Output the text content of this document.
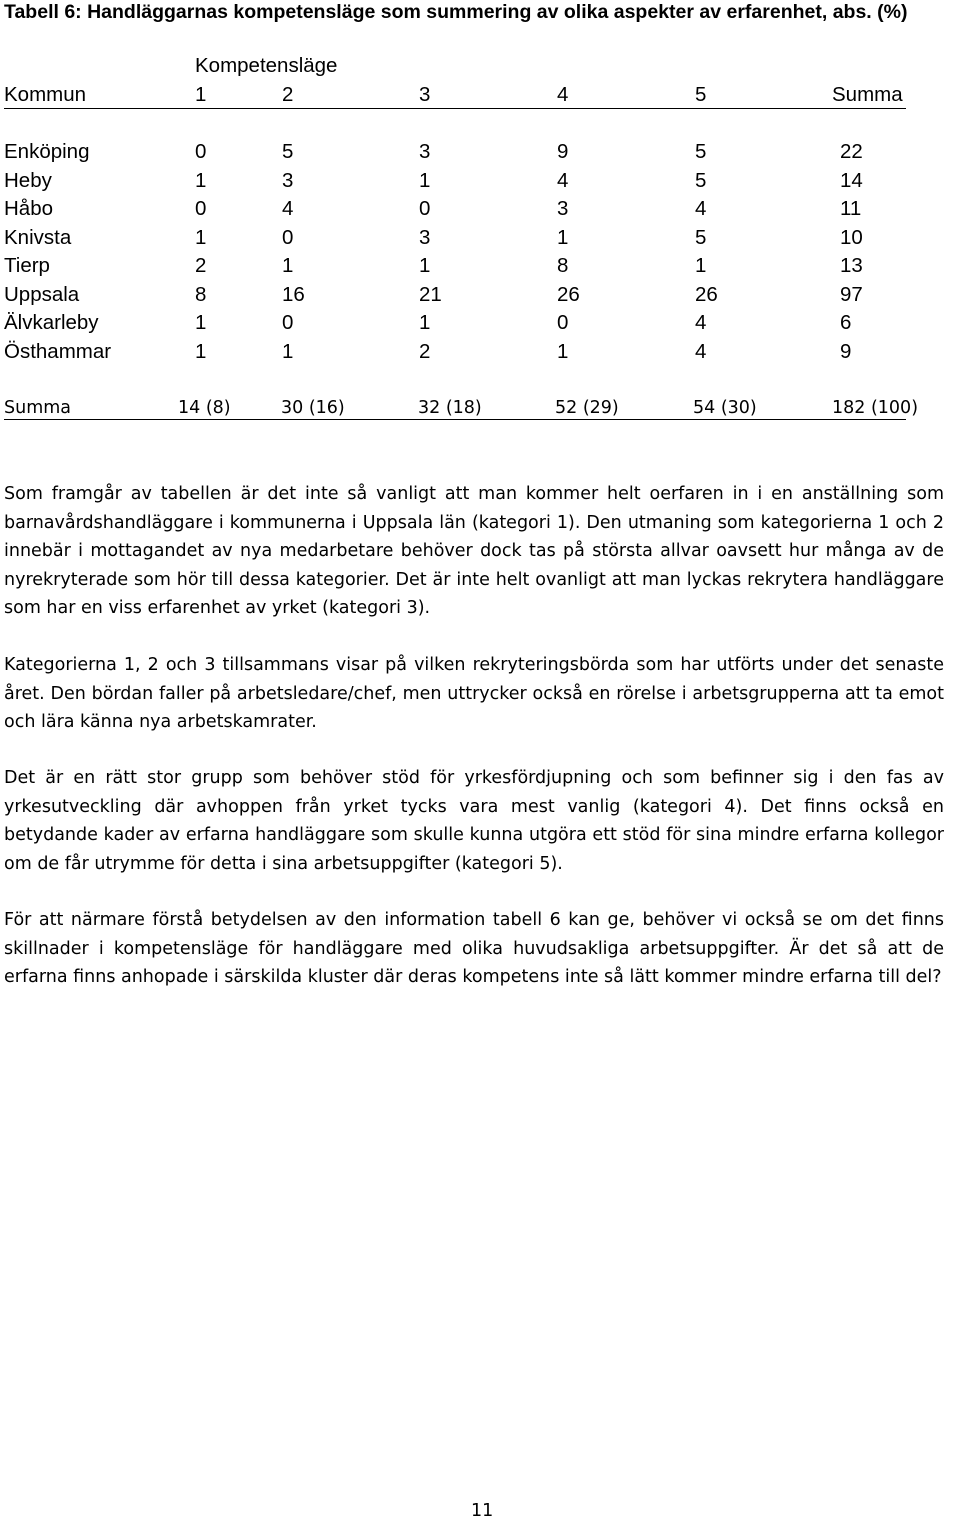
Tabell 6: Handläggarnas kompetensläge som summering av olika aspekter av erfarenhet, abs. (%)
Kompetensläge
Kommun	1	2	3	4	5	Summa
Enköping	0	5	3	9	5	22
Heby	1	3	1	4	5	14
Håbo	0	4	0	3	4	11
Knivsta	1	0	3	1	5	10
Tierp	2	1	1	8	1	13
Uppsala	8	16	21	26	26	97
Älvkarleby	1	0	1	0	4	6
Östhammar	1	1	2	1	4	9
Summa	14 (8)	30 (16)	32 (18)	52 (29)	54 (30)	182 (100)

Som framgår av tabellen är det inte så vanligt att man kommer helt oerfaren in i en anställning som barnavårdshandläggare i kommunerna i Uppsala län (kategori 1). Den utmaning som kategorierna 1 och 2 innebär i mottagandet av nya medarbetare behöver dock tas på största allvar oavsett hur många av de nyrekryterade som hör till dessa kategorier. Det är inte helt ovanligt att man lyckas rekrytera handläggare som har en viss erfarenhet av yrket (kategori 3).

Kategorierna 1, 2 och 3 tillsammans visar på vilken rekryteringsbörda som har utförts under det senaste året. Den bördan faller på arbetsledare/chef, men uttrycker också en rörelse i arbetsgrupperna att ta emot och lära känna nya arbetskamrater.

Det är en rätt stor grupp som behöver stöd för yrkesfördjupning och som befinner sig i den fas av yrkesutveckling där avhoppen från yrket tycks vara mest vanlig (kategori 4). Det finns också en betydande kader av erfarna handläggare som skulle kunna utgöra ett stöd för sina mindre erfarna kollegor om de får utrymme för detta i sina arbetsuppgifter (kategori 5).

För att närmare förstå betydelsen av den information tabell 6 kan ge, behöver vi också se om det finns skillnader i kompetensläge för handläggare med olika huvudsakliga arbetsuppgifter. Är det så att de erfarna finns anhopade i särskilda kluster där deras kompetens inte så lätt kommer mindre erfarna till del?

11
